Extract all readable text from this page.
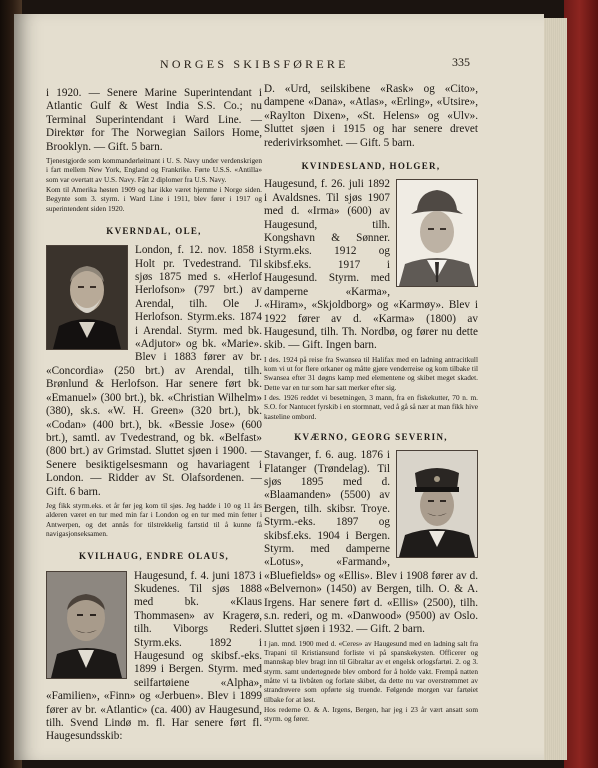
NORGES SKIBSFØRERE	335

i 1920. — Senere Marine Superintendant i Atlantic Gulf & West India S.S. Co.; nu Terminal Superintendant i Ward Line. — Direktør for The Norwegian Sailors Home, Brooklyn. — Gift. 5 barn.

Tjenestgjorde som kommandørløitnant i U. S. Navy under verdenskrigen i fart mellem New York, England og Frankrike. Førte U.S.S. «Antilla» som var overtatt av U.S. Navy. Fått 2 diplomer fra U.S. Navy.

Kom til Amerika høsten 1909 og har ikke været hjemme i Norge siden. Begynte som 3. styrm. i Ward Line i 1911, blev fører i 1917 og superintendent siden 1920.

KVERNDAL, OLE,

London, f. 12. nov. 1858 i Holt pr. Tvedestrand. Til sjøs 1875 med s. «Herlof Herlofson» (797 brt.) av Arendal, tilh. Ole J. Herlofson. Styrm.eks. 1874 i Arendal. Styrm. med bk. «Adjutor» og bk. «Marie». Blev i 1883 fører av br. «Concordia» (250 brt.) av Arendal, tilh. Brønlund & Herlofson. Har senere ført bk. «Emanuel» (300 brt.), bk. «Christian Wilhelm» (380), sk.s. «W. H. Green» (320 brt.), bk. «Codan» (400 brt.), bk. «Bessie Jose» (600 brt.), samtl. av Tvedestrand, og bk. «Belfast» (800 brt.) av Grimstad. Sluttet sjøen i 1900. — Senere besiktigelsesmann og havariagent i London. — Ridder av St. Olafsordenen. — Gift. 6 barn.

Jeg fikk styrm.eks. et år før jeg kom til sjøs. Jeg hadde i 10 og 11 års alderen været en tur med min far i London og en tur med min fetter i Antwerpen, og det annås for tilstrekkelig fartstid til å kunne få navigasjonseksamen.

KVILHAUG, ENDRE OLAUS,

Haugesund, f. 4. juni 1873 i Skudenes. Til sjøs 1888 med bk. «Klaus Thommasen» av Kragerø, tilh. Viborgs Rederi. Styrm.eks. 1892 i Haugesund og skibsf.-eks. 1899 i Bergen. Styrm. med seilfartøiene «Alpha», «Familien», «Finn» og «Jerbuen». Blev i 1899 fører av br. «Atlantic» (ca. 400) av Haugesund, tilh. Svend Lindø m. fl. Har senere ført fl. Haugesundsskib:

D. «Urd, seilskibene «Rask» og «Cito», dampene «Dana», «Atlas», «Erling», «Utsire», «Raylton Dixen», «St. Helens» og «Ulv». Sluttet sjøen i 1915 og har senere drevet rederivirksomhet. — Gift. 5 barn.

KVINDESLAND, HOLGER,

Haugesund, f. 26. juli 1892 i Avaldsnes. Til sjøs 1907 med d. «Irma» (600) av Haugesund, tilh. Kongshavn & Sønner. Styrm.eks. 1912 og skibsf.eks. 1917 i Haugesund. Styrm. med damperne «Karma», «Hiram», «Skjoldborg» og «Karmøy». Blev i 1922 fører av d. «Karma» (1800) av Haugesund, tilh. Th. Nordbø, og fører nu dette skib. — Gift. Ingen barn.

I des. 1924 på reise fra Swansea til Halifax med en ladning antracitkull kom vi ut for flere orkaner og måtte gjøre venderreise og kom tilbake til Swansea efter 31 døgns kamp med elementene og skibet meget skadet. Dette var en tur som har satt merker efter sig.

I des. 1926 reddet vi besetningen, 3 mann, fra en fiskekutter, 70 n. m. S.O. for Nantucet fyrskib i en stormnatt, ved å gå så nær at man fikk hive kasteline ombord.

KVÆRNO, GEORG SEVERIN,

Stavanger, f. 6. aug. 1876 i Flatanger (Trøndelag). Til sjøs 1895 med d. «Blaamanden» (5500) av Bergen, tilh. skibsr. Troye. Styrm.-eks. 1897 og skibsf.eks. 1904 i Bergen. Styrm. med damperne «Lotus», «Farmand», «Bluefields» og «Ellis». Blev i 1908 fører av d. «Belvernon» (1450) av Bergen, tilh. O. & A. Irgens. Har senere ført d. «Ellis» (2500), tilh. s.n. rederi, og m. «Danwood» (9500) av Oslo. Sluttet sjøen i 1932. — Gift. 2 barn.

I jan. mnd. 1900 med d. «Ceres» av Haugesund med en ladning salt fra Trapani til Kristiansund forliste vi på spanskekysten. Officerer og mannskap blev bragt inn til Gibraltar av et engelsk orlogsfartøi. 2. og 3. styrm. samt undertegnede blev ombord for å holde vakt. Frempå natten måtte vi ta livbåten og forlate skibet, da dette nu var overstrømmet av strandrøvere som opførte sig truende. Følgende morgen var fartøiet tilbake for at løst.

Hos rederne O. & A. Irgens, Bergen, har jeg i 23 år vært ansatt som styrm. og fører.
